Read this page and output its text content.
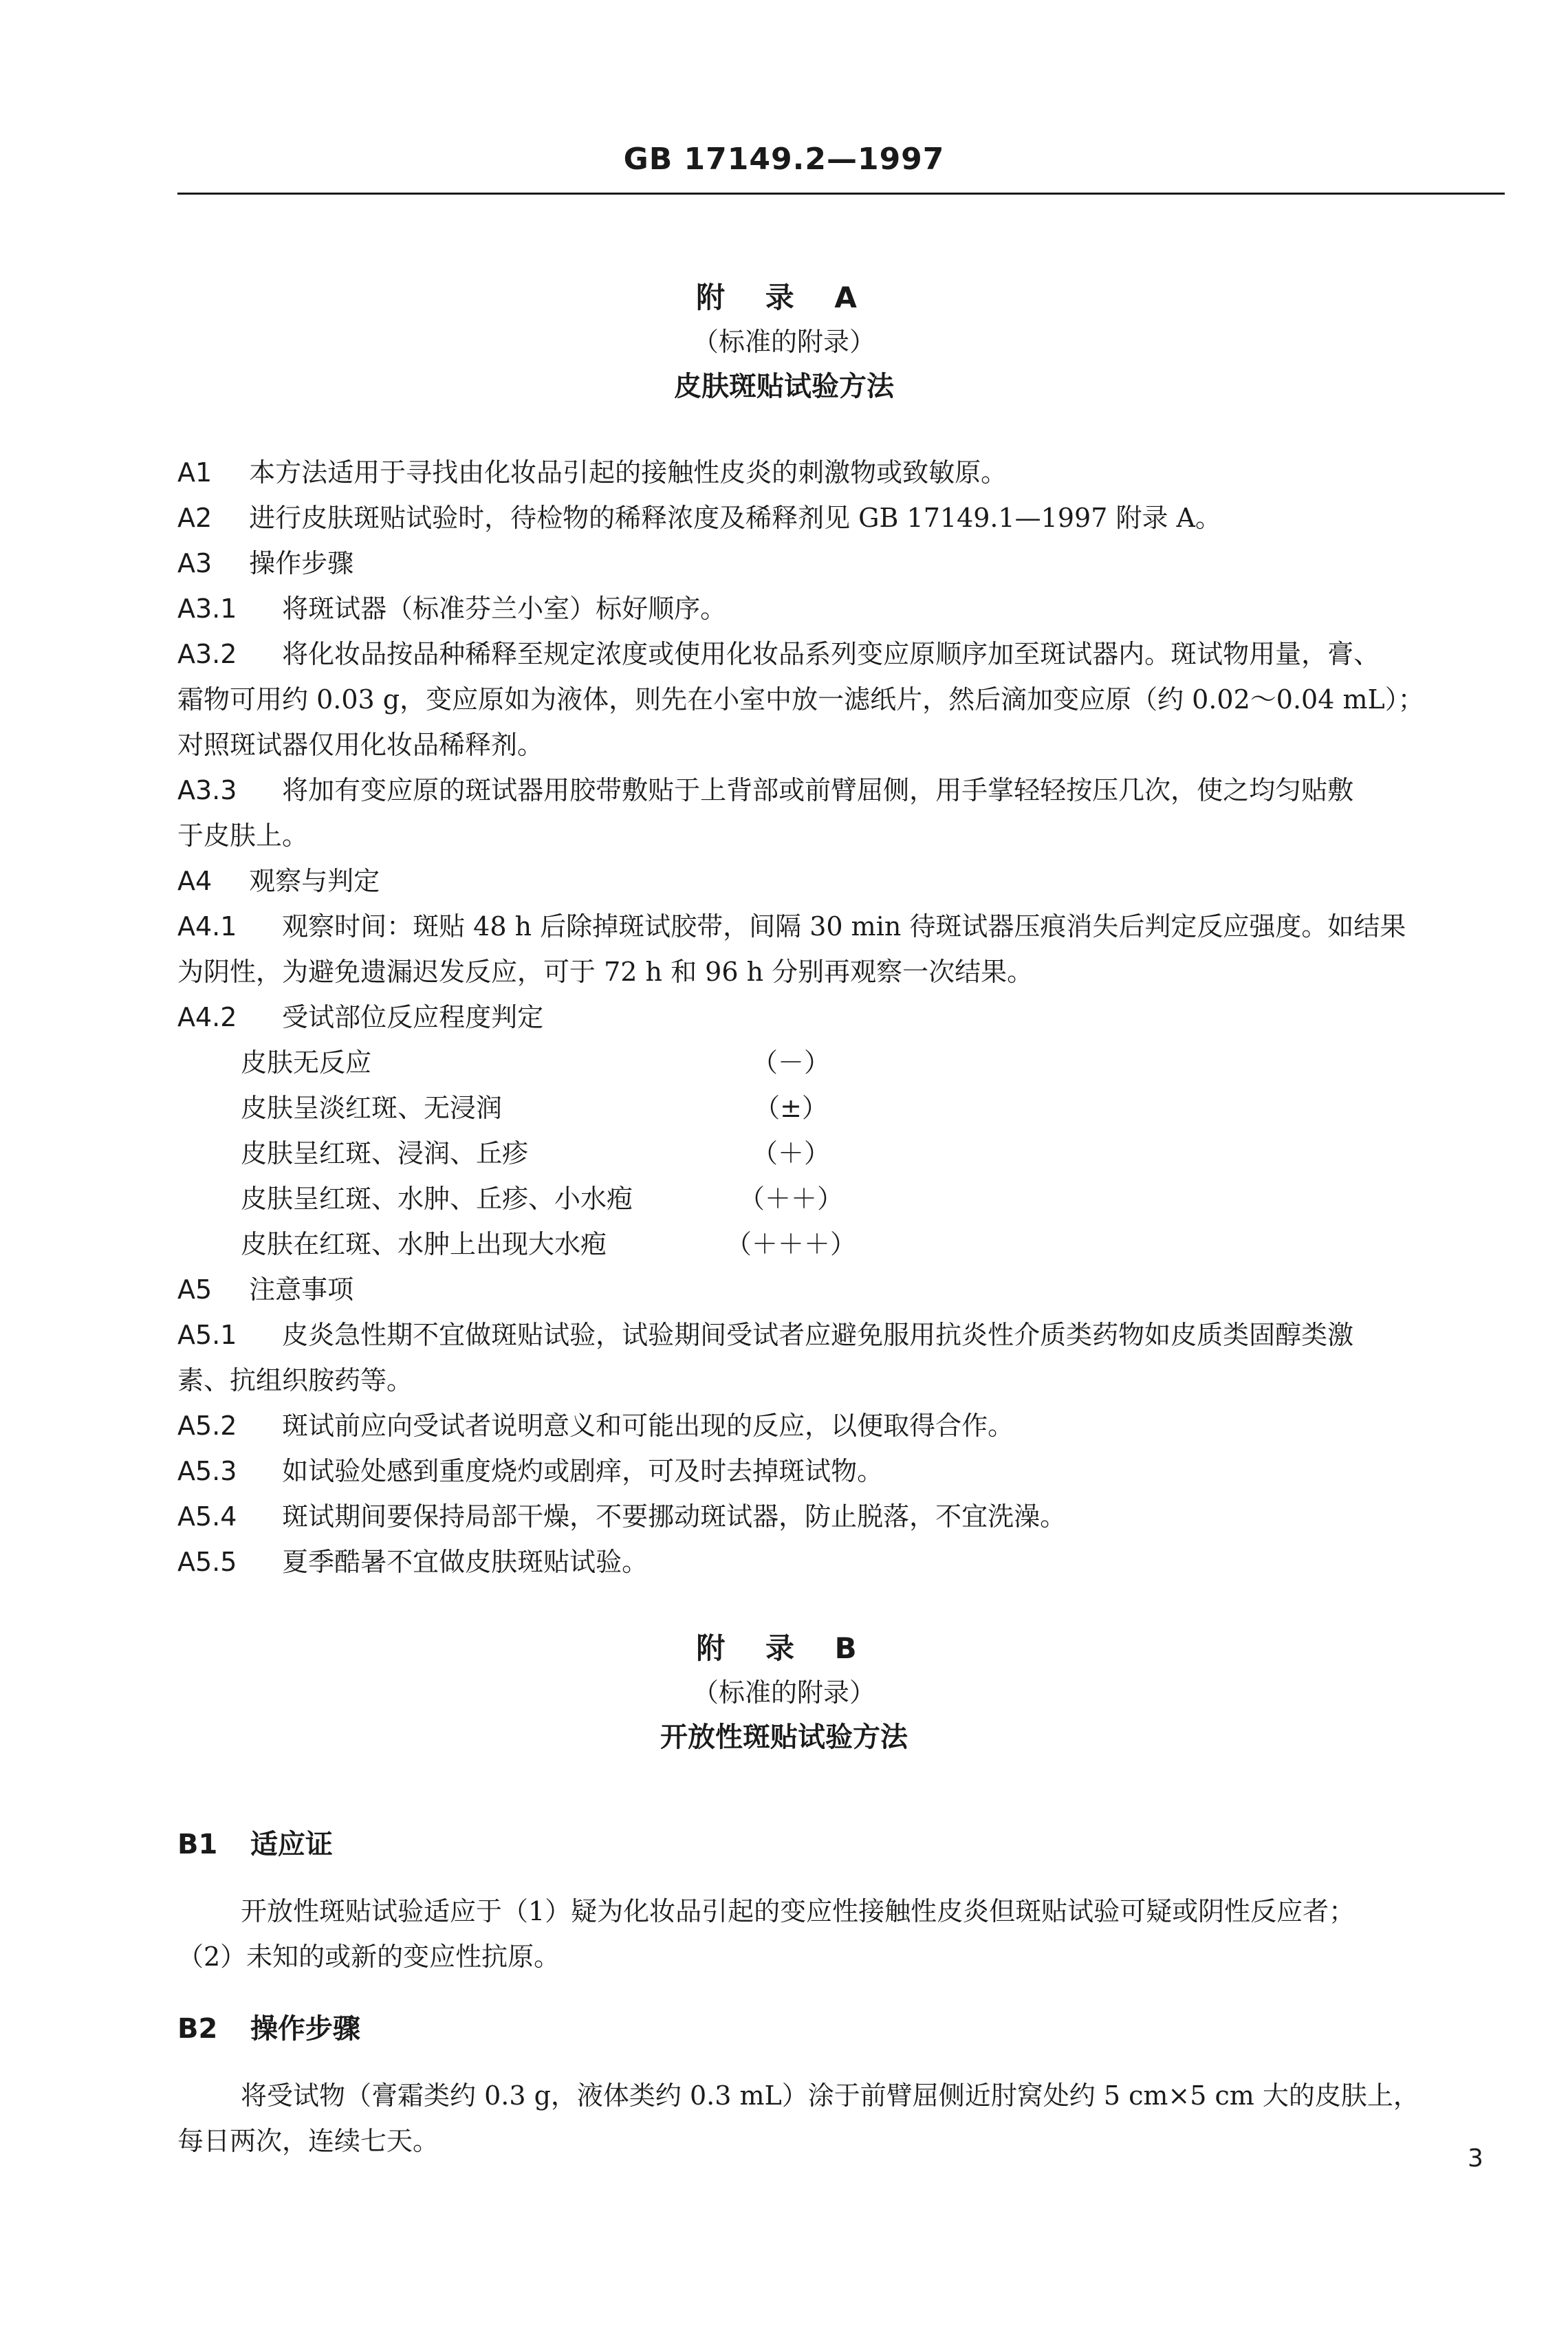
GB 17149.2—1997
附 录 A
（标准的附录）
皮肤斑贴试验方法
A1 本方法适用于寻找由化妆品引起的接触性皮炎的刺激物或致敏原。
A2 进行皮肤斑贴试验时，待检物的稀释浓度及稀释剂见 GB 17149.1—1997 附录 A。
A3 操作步骤
A3.1 将斑试器（标准芬兰小室）标好顺序。
A3.2 将化妆品按品种稀释至规定浓度或使用化妆品系列变应原顺序加至斑试器内。斑试物用量，膏、
霜物可用约 0.03 g，变应原如为液体，则先在小室中放一滤纸片，然后滴加变应原（约 0.02～0.04 mL）；
对照斑试器仅用化妆品稀释剂。
A3.3 将加有变应原的斑试器用胶带敷贴于上背部或前臂屈侧，用手掌轻轻按压几次，使之均匀贴敷
于皮肤上。
A4 观察与判定
A4.1 观察时间：斑贴 48 h 后除掉斑试胶带，间隔 30 min 待斑试器压痕消失后判定反应强度。如结果
为阴性，为避免遗漏迟发反应，可于 72 h 和 96 h 分别再观察一次结果。
A4.2 受试部位反应程度判定
皮肤无反应	（－）
皮肤呈淡红斑、无浸润	（±）
皮肤呈红斑、浸润、丘疹	（＋）
皮肤呈红斑、水肿、丘疹、小水疱	（＋＋）
皮肤在红斑、水肿上出现大水疱	（＋＋＋）
A5 注意事项
A5.1 皮炎急性期不宜做斑贴试验，试验期间受试者应避免服用抗炎性介质类药物如皮质类固醇类激
素、抗组织胺药等。
A5.2 斑试前应向受试者说明意义和可能出现的反应，以便取得合作。
A5.3 如试验处感到重度烧灼或剧痒，可及时去掉斑试物。
A5.4 斑试期间要保持局部干燥，不要挪动斑试器，防止脱落，不宜洗澡。
A5.5 夏季酷暑不宜做皮肤斑贴试验。
附 录 B
（标准的附录）
开放性斑贴试验方法
B1 适应证
开放性斑贴试验适应于（1）疑为化妆品引起的变应性接触性皮炎但斑贴试验可疑或阴性反应者；
（2）未知的或新的变应性抗原。
B2 操作步骤
将受试物（膏霜类约 0.3 g，液体类约 0.3 mL）涂于前臂屈侧近肘窝处约 5 cm×5 cm 大的皮肤上，
每日两次，连续七天。
3
